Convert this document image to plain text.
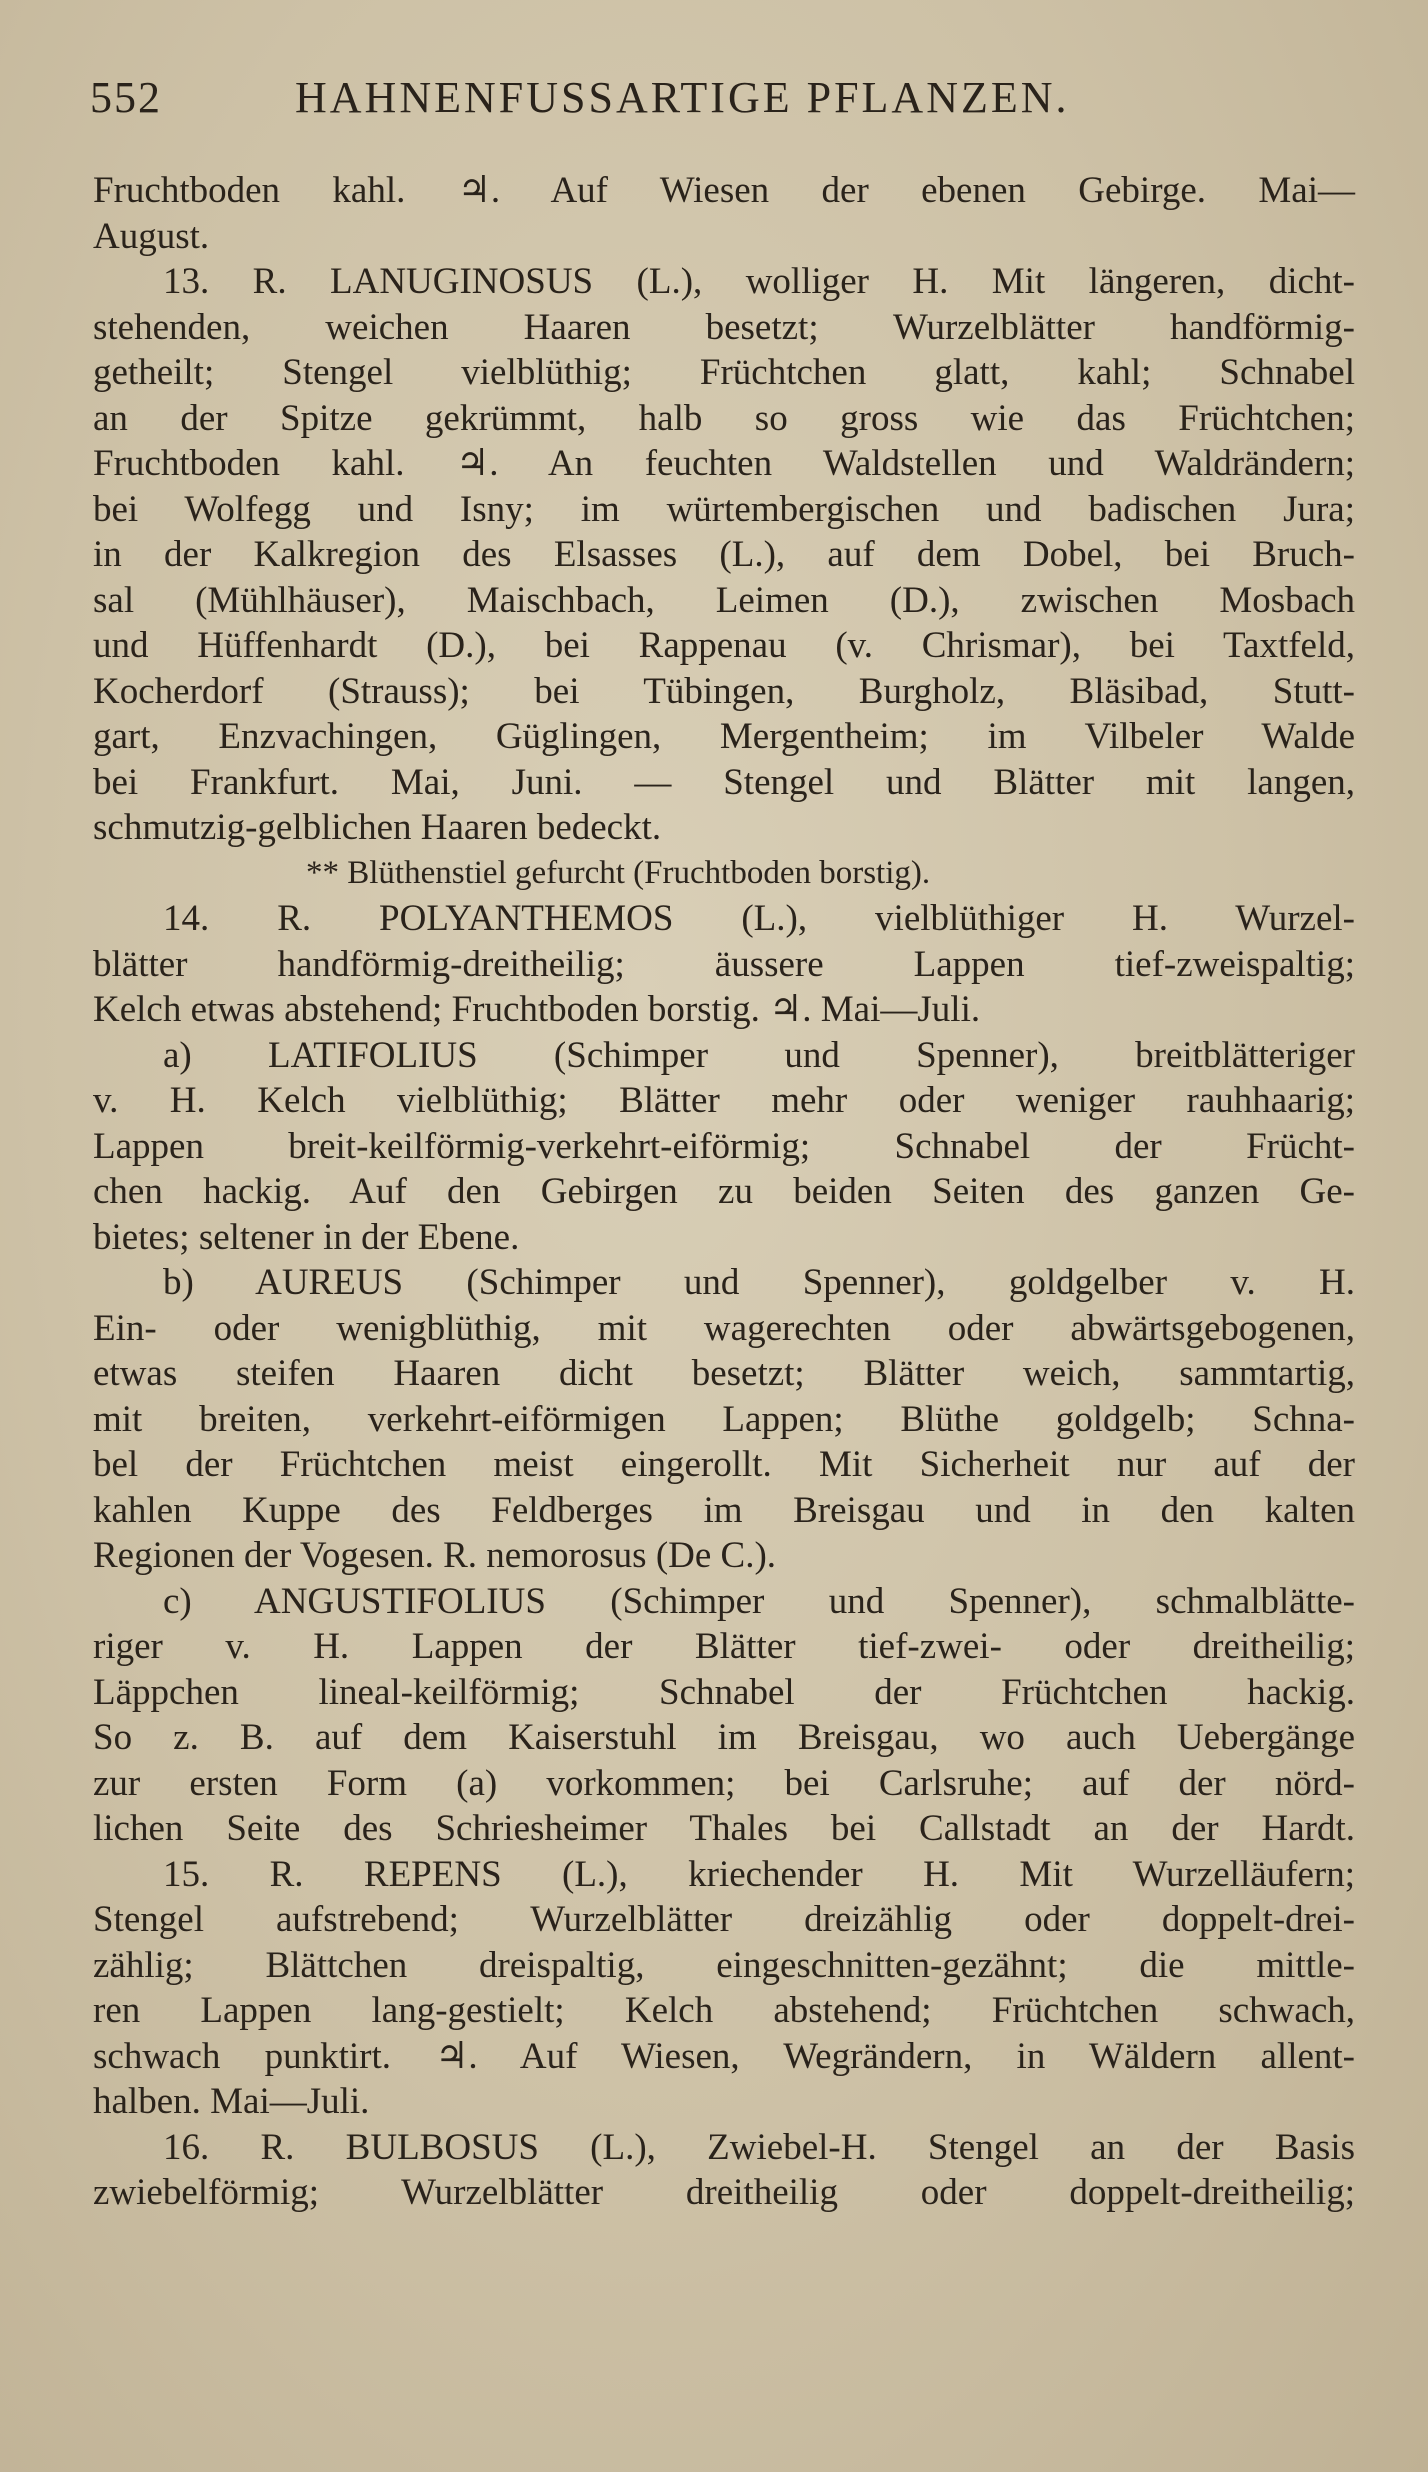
552	HAHNENFUSSARTIGE PFLANZEN.
Fruchtboden kahl. ♃. Auf Wiesen der ebenen Gebirge. Mai—
August.
13. R. LANUGINOSUS (L.), wolliger H. Mit längeren, dicht-
stehenden, weichen Haaren besetzt; Wurzelblätter handförmig-
getheilt; Stengel vielblüthig; Früchtchen glatt, kahl; Schnabel
an der Spitze gekrümmt, halb so gross wie das Früchtchen;
Fruchtboden kahl. ♃. An feuchten Waldstellen und Waldrändern;
bei Wolfegg und Isny; im würtembergischen und badischen Jura;
in der Kalkregion des Elsasses (L.), auf dem Dobel, bei Bruch-
sal (Mühlhäuser), Maischbach, Leimen (D.), zwischen Mosbach
und Hüffenhardt (D.), bei Rappenau (v. Chrismar), bei Taxtfeld,
Kocherdorf (Strauss); bei Tübingen, Burgholz, Bläsibad, Stutt-
gart, Enzvachingen, Güglingen, Mergentheim; im Vilbeler Walde
bei Frankfurt. Mai, Juni. — Stengel und Blätter mit langen,
schmutzig-gelblichen Haaren bedeckt.
** Blüthenstiel gefurcht (Fruchtboden borstig).
14. R. POLYANTHEMOS (L.), vielblüthiger H. Wurzel-
blätter handförmig-dreitheilig; äussere Lappen tief-zweispaltig;
Kelch etwas abstehend; Fruchtboden borstig. ♃. Mai—Juli.
a) LATIFOLIUS (Schimper und Spenner), breitblätteriger
v. H. Kelch vielblüthig; Blätter mehr oder weniger rauhhaarig;
Lappen breit-keilförmig-verkehrt-eiförmig; Schnabel der Frücht-
chen hackig. Auf den Gebirgen zu beiden Seiten des ganzen Ge-
bietes; seltener in der Ebene.
b) AUREUS (Schimper und Spenner), goldgelber v. H.
Ein- oder wenigblüthig, mit wagerechten oder abwärtsgebogenen,
etwas steifen Haaren dicht besetzt; Blätter weich, sammtartig,
mit breiten, verkehrt-eiförmigen Lappen; Blüthe goldgelb; Schna-
bel der Früchtchen meist eingerollt. Mit Sicherheit nur auf der
kahlen Kuppe des Feldberges im Breisgau und in den kalten
Regionen der Vogesen. R. nemorosus (De C.).
c) ANGUSTIFOLIUS (Schimper und Spenner), schmalblätte-
riger v. H. Lappen der Blätter tief-zwei- oder dreitheilig;
Läppchen lineal-keilförmig; Schnabel der Früchtchen hackig.
So z. B. auf dem Kaiserstuhl im Breisgau, wo auch Uebergänge
zur ersten Form (a) vorkommen; bei Carlsruhe; auf der nörd-
lichen Seite des Schriesheimer Thales bei Callstadt an der Hardt.
15. R. REPENS (L.), kriechender H. Mit Wurzelläufern;
Stengel aufstrebend; Wurzelblätter dreizählig oder doppelt-drei-
zählig; Blättchen dreispaltig, eingeschnitten-gezähnt; die mittle-
ren Lappen lang-gestielt; Kelch abstehend; Früchtchen schwach,
schwach punktirt. ♃. Auf Wiesen, Wegrändern, in Wäldern allent-
halben. Mai—Juli.
16. R. BULBOSUS (L.), Zwiebel-H. Stengel an der Basis
zwiebelförmig; Wurzelblätter dreitheilig oder doppelt-dreitheilig;
